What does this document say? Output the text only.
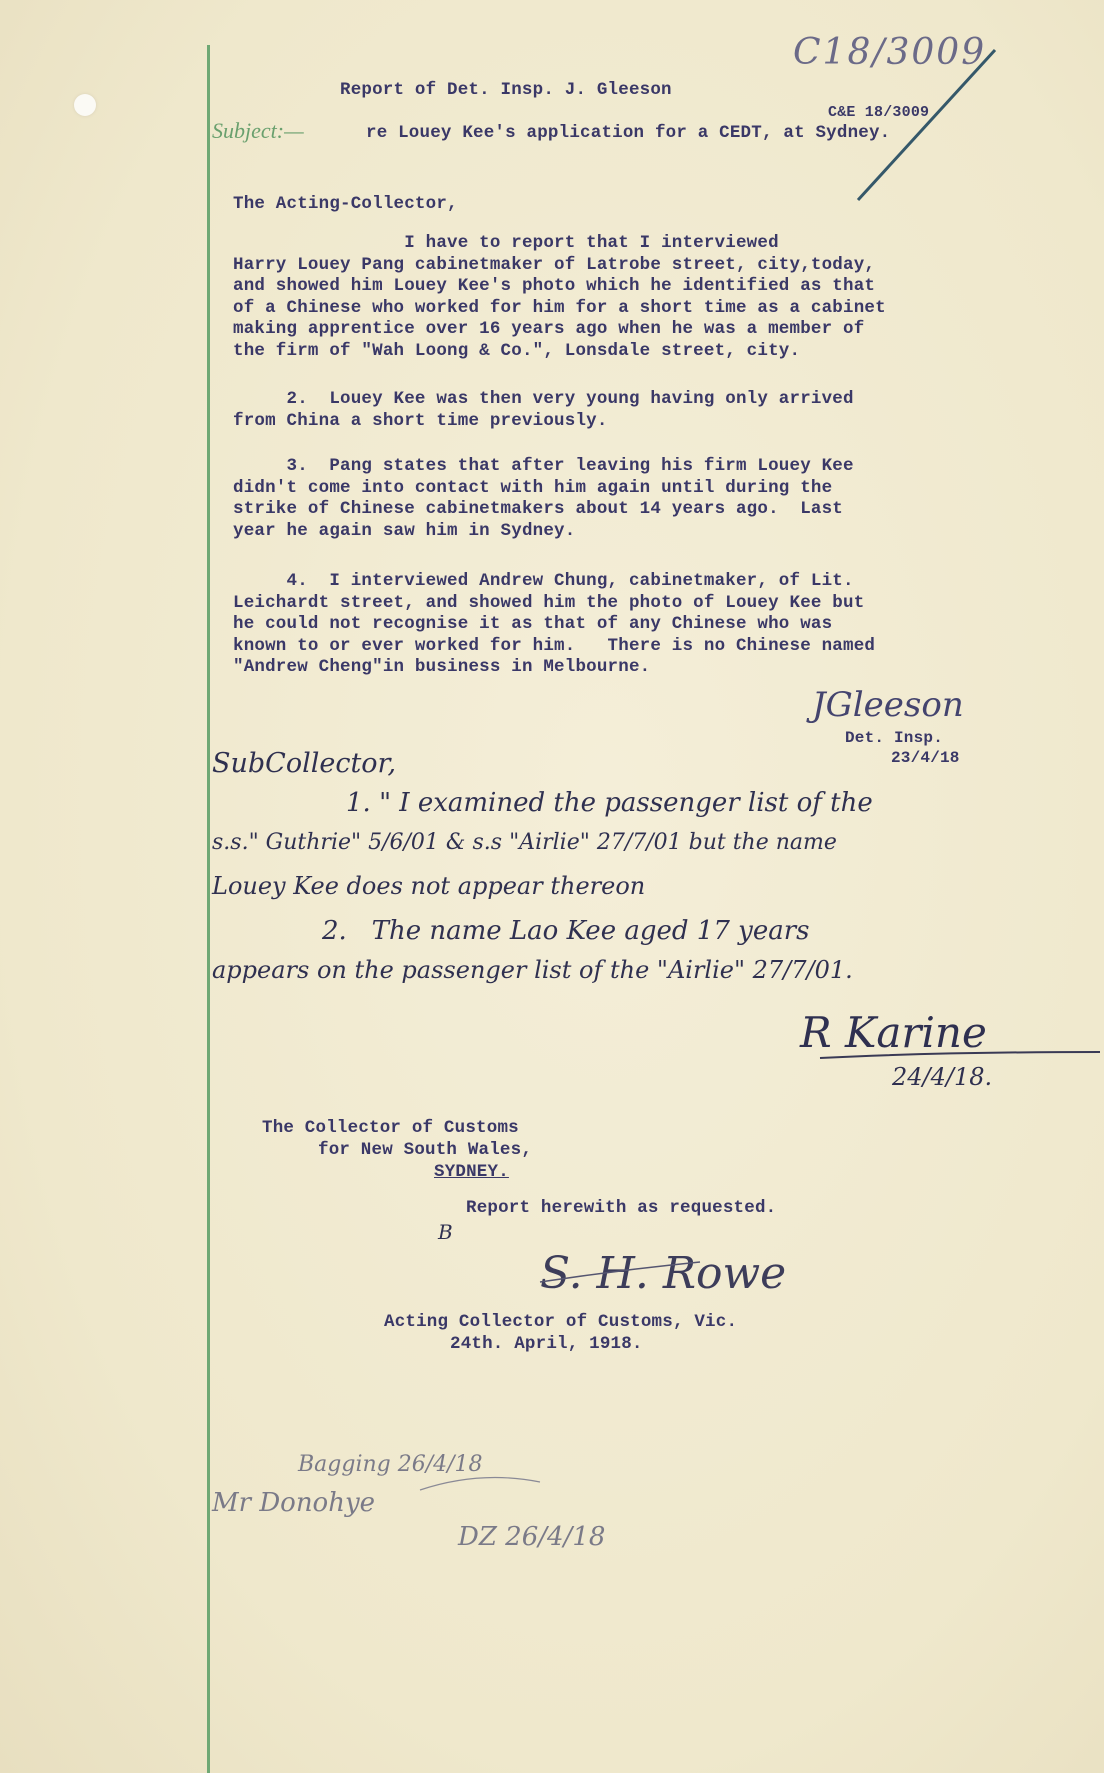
C18/3009
Report of Det. Insp. J. Gleeson
Subject:—	re Louey Kee's application for a CEDT, at Sydney.
C&E 18/3009
The Acting-Collector,
I have to report that I interviewed
Harry Louey Pang cabinetmaker of Latrobe street, city,today,
and showed him Louey Kee's photo which he identified as that
of a Chinese who worked for him for a short time as a cabinet
making apprentice over 16 years ago when he was a member of
the firm of "Wah Loong & Co.", Lonsdale street, city.
2.  Louey Kee was then very young having only arrived
from China a short time previously.
3.  Pang states that after leaving his firm Louey Kee
didn't come into contact with him again until during the
strike of Chinese cabinetmakers about 14 years ago.  Last
year he again saw him in Sydney.
4.  I interviewed Andrew Chung, cabinetmaker, of Lit.
Leichardt street, and showed him the photo of Louey Kee but
he could not recognise it as that of any Chinese who was
known to or ever worked for him.   There is no Chinese named
"Andrew Cheng"in business in Melbourne.
JGleeson
Det. Insp.
23/4/18
SubCollector,
1. " I examined the passenger list of the
s.s." Guthrie" 5/6/01 & s.s "Airlie" 27/7/01 but the name
Louey Kee does not appear thereon
2.   The name Lao Kee aged 17 years
appears on the passenger list of the "Airlie" 27/7/01.
R Karine
24/4/18.
The Collector of Customs
for New South Wales,
SYDNEY.
B
Report herewith as requested.
S. H. Rowe
Acting Collector of Customs, Vic.
24th. April, 1918.
Bagging 26/4/18
Mr Donohye
DZ 26/4/18
